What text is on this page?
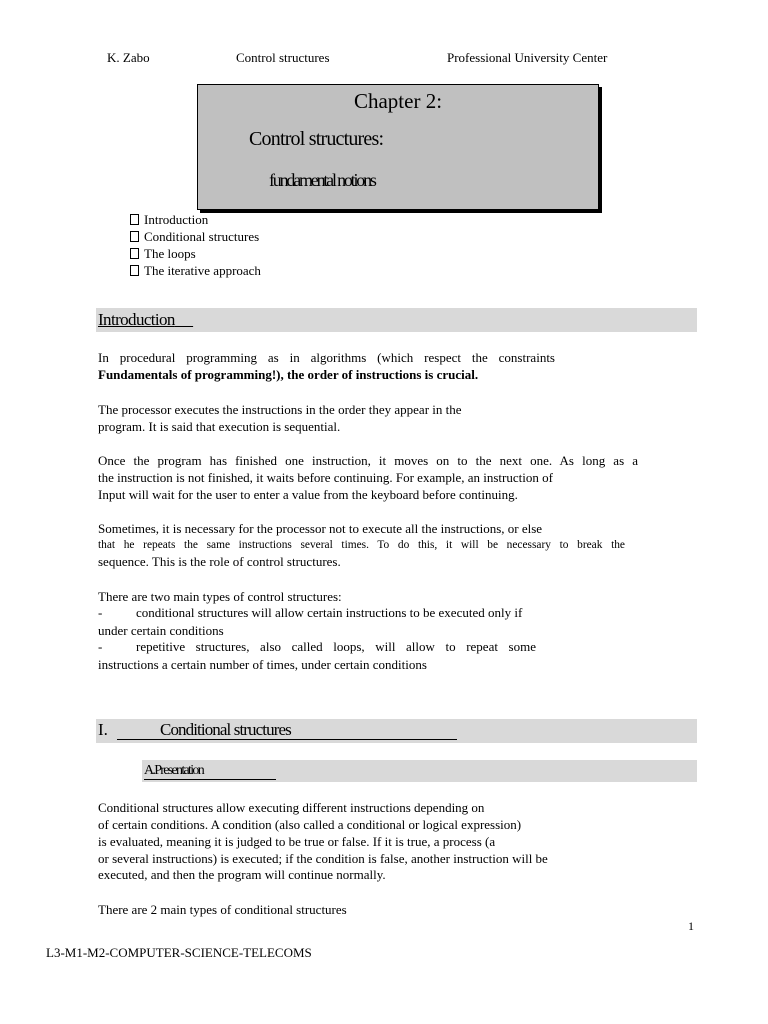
K. Zabo	Control structures	Professional University Center
Chapter 2:
Control structures:
fundamental notions
Introduction
Conditional structures
The loops
The iterative approach
Introduction
In procedural programming as in algorithms (which respect the constraints
Fundamentals of programming!), the order of instructions is crucial.
The processor executes the instructions in the order they appear in the
program. It is said that execution is sequential.
Once the program has finished one instruction, it moves on to the next one. As long as a
the instruction is not finished, it waits before continuing. For example, an instruction of
Input will wait for the user to enter a value from the keyboard before continuing.
Sometimes, it is necessary for the processor not to execute all the instructions, or else
that he repeats the same instructions several times. To do this, it will be necessary to break the
sequence. This is the role of control structures.
There are two main types of control structures:
-	conditional structures will allow certain instructions to be executed only if
under certain conditions
-	repetitive structures, also called loops, will allow to repeat some
instructions a certain number of times, under certain conditions
I.	Conditional structures
A.Presentation
Conditional structures allow executing different instructions depending on
of certain conditions. A condition (also called a conditional or logical expression)
is evaluated, meaning it is judged to be true or false. If it is true, a process (a
or several instructions) is executed; if the condition is false, another instruction will be
executed, and then the program will continue normally.
There are 2 main types of conditional structures
1
L3-M1-M2-COMPUTER-SCIENCE-TELECOMS
